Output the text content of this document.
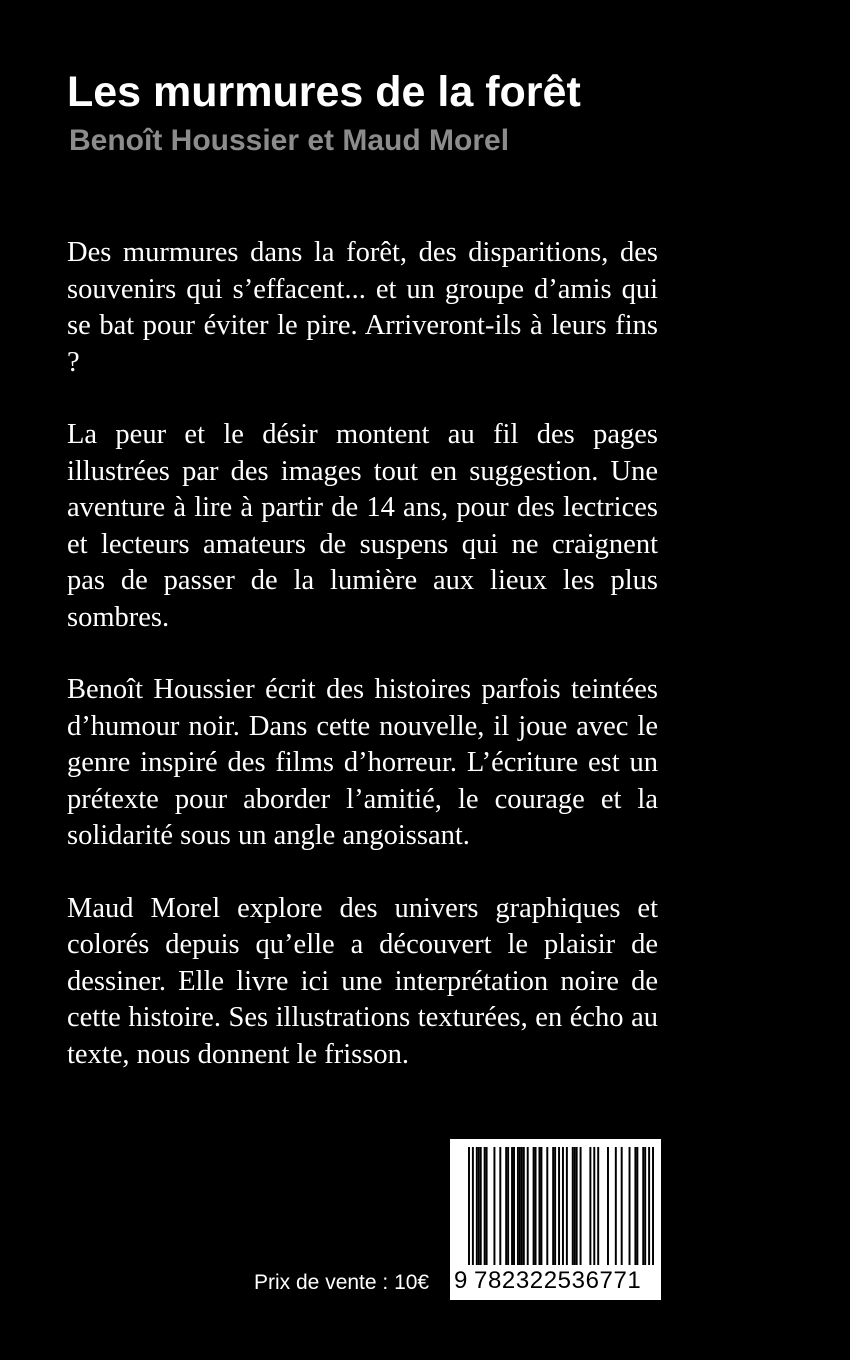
Les murmures de la forêt
Benoît Houssier et Maud Morel

Des murmures dans la forêt, des disparitions, des souvenirs qui s’effacent... et un groupe d’amis qui se bat pour éviter le pire. Arriveront-ils à leurs fins ?

La peur et le désir montent au fil des pages illustrées par des images tout en suggestion. Une aventure à lire à partir de 14 ans, pour des lectrices et lecteurs amateurs de suspens qui ne craignent pas de passer de la lumière aux lieux les plus sombres.

Benoît Houssier écrit des histoires parfois teintées d’humour noir. Dans cette nouvelle, il joue avec le genre inspiré des films d’horreur. L’écriture est un prétexte pour aborder l’amitié, le courage et la solidarité sous un angle angoissant.

Maud Morel explore des univers graphiques et colorés depuis qu’elle a découvert le plaisir de dessiner. Elle livre ici une interprétation noire de cette histoire. Ses illustrations texturées, en écho au texte, nous donnent le frisson.

Prix de vente : 10€ 9 782322536771
